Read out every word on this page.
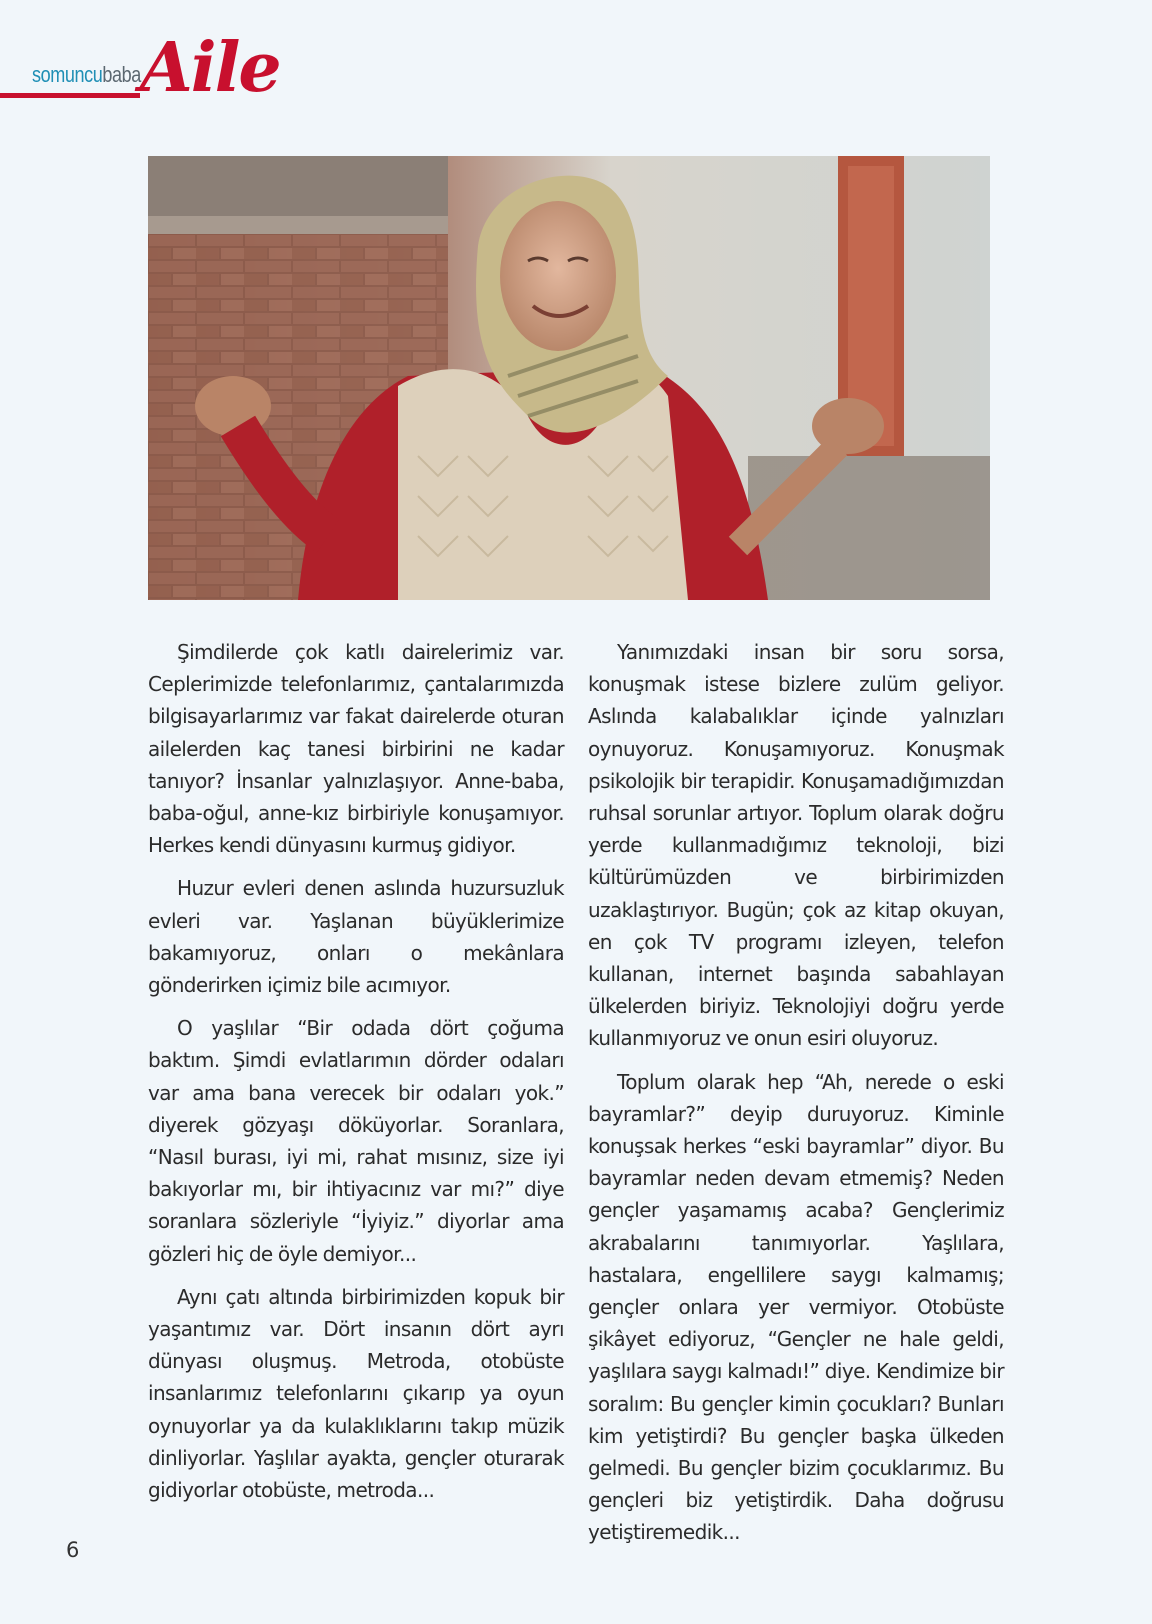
somuncubaba Aile

Şimdilerde çok katlı dairelerimiz var. Ceplerimizde telefonlarımız, çantalarımızda bilgisayarlarımız var fakat dairelerde oturan ailelerden kaç tanesi birbirini ne kadar tanıyor? İnsanlar yalnızlaşıyor. Anne-baba, baba-oğul, anne-kız birbiriyle konuşamıyor. Herkes kendi dünyasını kurmuş gidiyor.

Huzur evleri denen aslında huzursuzluk evleri var. Yaşlanan büyüklerimize bakamıyoruz, onları o mekânlara gönderirken içimiz bile acımıyor.

O yaşlılar “Bir odada dört çoğuma baktım. Şimdi evlatlarımın dörder odaları var ama bana verecek bir odaları yok.” diyerek gözyaşı döküyorlar. Soranlara, “Nasıl burası, iyi mi, rahat mısınız, size iyi bakıyorlar mı, bir ihtiyacınız var mı?” diye soranlara sözleriyle “İyiyiz.” diyorlar ama gözleri hiç de öyle demiyor...

Aynı çatı altında birbirimizden kopuk bir yaşantımız var. Dört insanın dört ayrı dünyası oluşmuş. Metroda, otobüste insanlarımız telefonlarını çıkarıp ya oyun oynuyorlar ya da kulaklıklarını takıp müzik dinliyorlar. Yaşlılar ayakta, gençler oturarak gidiyorlar otobüste, metroda...

Yanımızdaki insan bir soru sorsa, konuşmak istese bizlere zulüm geliyor. Aslında kalabalıklar içinde yalnızları oynuyoruz. Konuşamıyoruz. Konuşmak psikolojik bir terapidir. Konuşamadığımızdan ruhsal sorunlar artıyor. Toplum olarak doğru yerde kullanmadığımız teknoloji, bizi kültürümüzden ve birbirimizden uzaklaştırıyor. Bugün; çok az kitap okuyan, en çok TV programı izleyen, telefon kullanan, internet başında sabahlayan ülkelerden biriyiz. Teknolojiyi doğru yerde kullanmıyoruz ve onun esiri oluyoruz.

Toplum olarak hep “Ah, nerede o eski bayramlar?” deyip duruyoruz. Kiminle konuşsak herkes “eski bayramlar” diyor. Bu bayramlar neden devam etmemiş? Neden gençler yaşamamış acaba? Gençlerimiz akrabalarını tanımıyorlar. Yaşlılara, hastalara, engellilere saygı kalmamış; gençler onlara yer vermiyor. Otobüste şikâyet ediyoruz, “Gençler ne hale geldi, yaşlılara saygı kalmadı!” diye. Kendimize bir soralım: Bu gençler kimin çocukları? Bunları kim yetiştirdi? Bu gençler başka ülkeden gelmedi. Bu gençler bizim çocuklarımız. Bu gençleri biz yetiştirdik. Daha doğrusu yetiştiremedik...

6
